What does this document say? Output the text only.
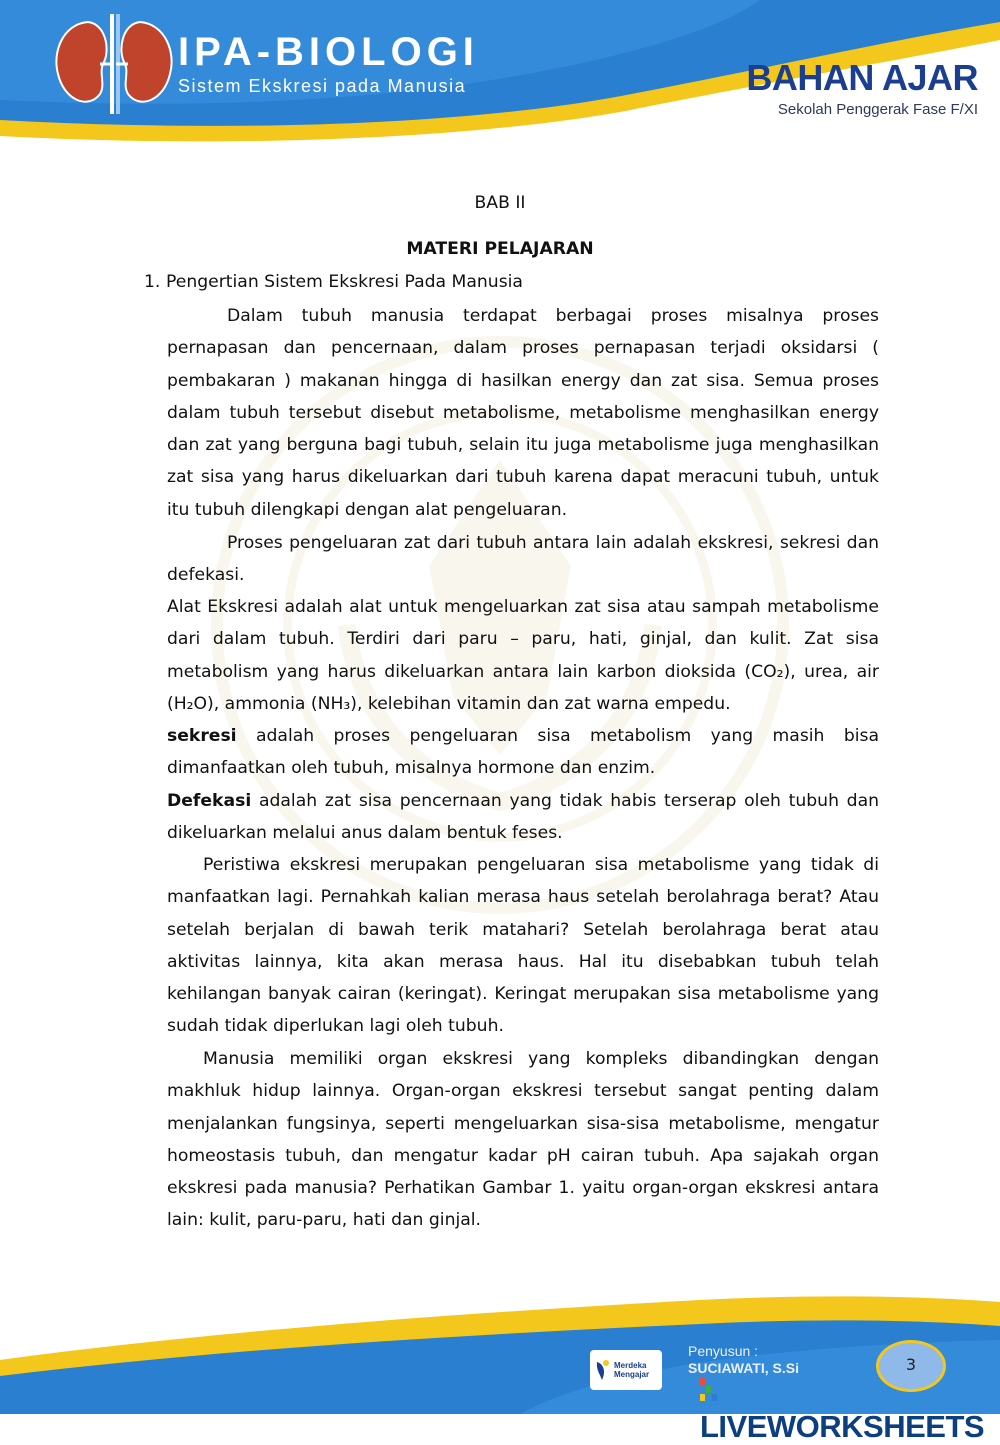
IPA-BIOLOGI
Sistem Ekskresi pada Manusia	BAHAN AJAR
Sekolah Penggerak Fase F/XI
BAB II
MATERI PELAJARAN
1. Pengertian Sistem Ekskresi Pada Manusia
Dalam tubuh manusia terdapat berbagai proses misalnya proses pernapasan dan pencernaan, dalam proses pernapasan terjadi oksidarsi ( pembakaran ) makanan hingga di hasilkan energy dan zat sisa. Semua proses dalam tubuh tersebut disebut metabolisme, metabolisme menghasilkan energy dan zat yang berguna bagi tubuh, selain itu juga metabolisme juga menghasilkan zat sisa yang harus dikeluarkan dari tubuh karena dapat meracuni tubuh, untuk itu tubuh dilengkapi dengan alat pengeluaran.
Proses pengeluaran zat dari tubuh antara lain adalah ekskresi, sekresi dan defekasi.
Alat Ekskresi adalah alat untuk mengeluarkan zat sisa atau sampah metabolisme dari dalam tubuh. Terdiri dari paru – paru, hati, ginjal, dan kulit. Zat sisa metabolism yang harus dikeluarkan antara lain karbon dioksida (CO₂), urea, air (H₂O), ammonia (NH₃), kelebihan vitamin dan zat warna empedu.
sekresi adalah proses pengeluaran sisa metabolism yang masih bisa dimanfaatkan oleh tubuh, misalnya hormone dan enzim.
Defekasi adalah zat sisa pencernaan yang tidak habis terserap oleh tubuh dan dikeluarkan melalui anus dalam bentuk feses.
Peristiwa ekskresi merupakan pengeluaran sisa metabolisme yang tidak di manfaatkan lagi. Pernahkah kalian merasa haus setelah berolahraga berat? Atau setelah berjalan di bawah terik matahari? Setelah berolahraga berat atau aktivitas lainnya, kita akan merasa haus. Hal itu disebabkan tubuh telah kehilangan banyak cairan (keringat). Keringat merupakan sisa metabolisme yang sudah tidak diperlukan lagi oleh tubuh.
Manusia memiliki organ ekskresi yang kompleks dibandingkan dengan makhluk hidup lainnya. Organ-organ ekskresi tersebut sangat penting dalam menjalankan fungsinya, seperti mengeluarkan sisa-sisa metabolisme, mengatur homeostasis tubuh, dan mengatur kadar pH cairan tubuh. Apa sajakah organ ekskresi pada manusia? Perhatikan Gambar 1. yaitu organ-organ ekskresi antara lain: kulit, paru-paru, hati dan ginjal.
Merdeka
Mengajar
Penyusun :
SUCIAWATI, S.Si	3
LIVEWORKSHEETS
